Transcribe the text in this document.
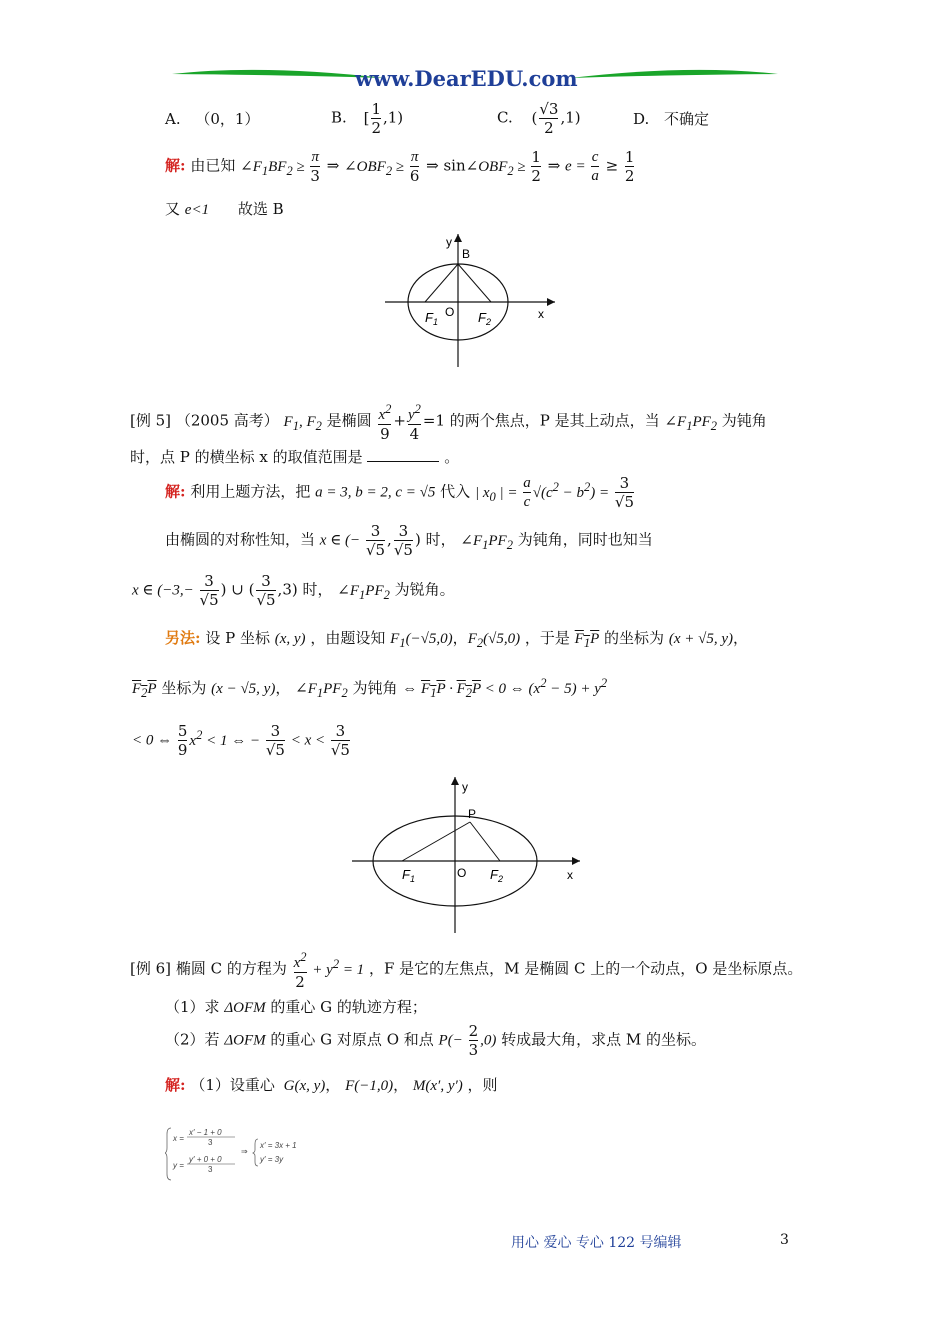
www.DearEDU.com
A. （0，1）	B. [ $\frac{1}{2} ,1$)	C. ( $\frac{√3}{2} ,1$)	D. 不确定
解: 由已知 $\angle F_1BF_2 \ge \frac{\pi}{3}$ ⇒ $\angle OBF_2 \ge \frac{\pi}{6}$ ⇒ $\sin\angle OBF_2 \ge \frac{1}{2}$ ⇒ $e = \frac{c}{a} \ge \frac{1}{2}$
又 e<1 故选 B
y
B
O	x
$F_1$	$F_2$
[例 5] （2005 高考） $F_1$, $F_2$ 是椭圆 $\frac{x^2}{9} + \frac{y^2}{4} =1$ 的两个焦点，P 是其上动点，当 $\angle F_1PF_2$ 为钝角
时，点 P 的横坐标 x 的取值范围是	。
解: 利用上题方法，把 a = 3, b = 2, c = √5 代入 | $x_0$ | = $\frac{a}{c} √(c^2 - b^2) = \frac{3}{√5}$
由椭圆的对称性知，当 x ∈ (− $\frac{3}{√5}$ , $\frac{3}{√5}$ ) 时， $\angle F_1PF_2$ 为钝角，同时也知当
x ∈ ($-3,- \frac{3}{√5}$ ) ∪ ( $\frac{3}{√5} ,3$) 时， $\angle F_1PF_2$ 为锐角。
另法: 设 P 坐标 (x, y) ，由题设知 $F_1(-√5,0)$，$F_2(√5,0)$ ，于是 $F_1P$ 的坐标为 (x + √5, y)，
$F_2P$ 坐标为 (x − √5, y)， $\angle F_1PF_2$ 为钝角 ⇔ $F_1P \cdot F_2P < 0$ ⇔ $(x^2 - 5) + y^2$
< 0 ⇔ $\frac{5}{9} x^2 < 1$ ⇔ − $\frac{3}{√5} < x < \frac{3}{√5}$
y
P
O	x
$F_1$	$F_2$
[例 6] 椭圆 C 的方程为 $\frac{x^2}{2} + y^2 = 1$ ，F 是它的左焦点，M 是椭圆 C 上的一个动点，O 是坐标原点。
（1）求 ΔOFM 的重心 G 的轨迹方程；
（2）若 ΔOFM 的重心 G 对原点 O 和点 $P(- \frac{2}{3} ,0)$ 转成最大角，求点 M 的坐标。
解: （1）设重心 G(x, y)， F(−1,0)， M(x′, y′) ，则
x =
x′ − 1 + 0
3
y =
y′ + 0 + 0
3
⇒
x′ = 3x + 1
y′ = 3y
用心 爱心 专心 122 号编辑	3
